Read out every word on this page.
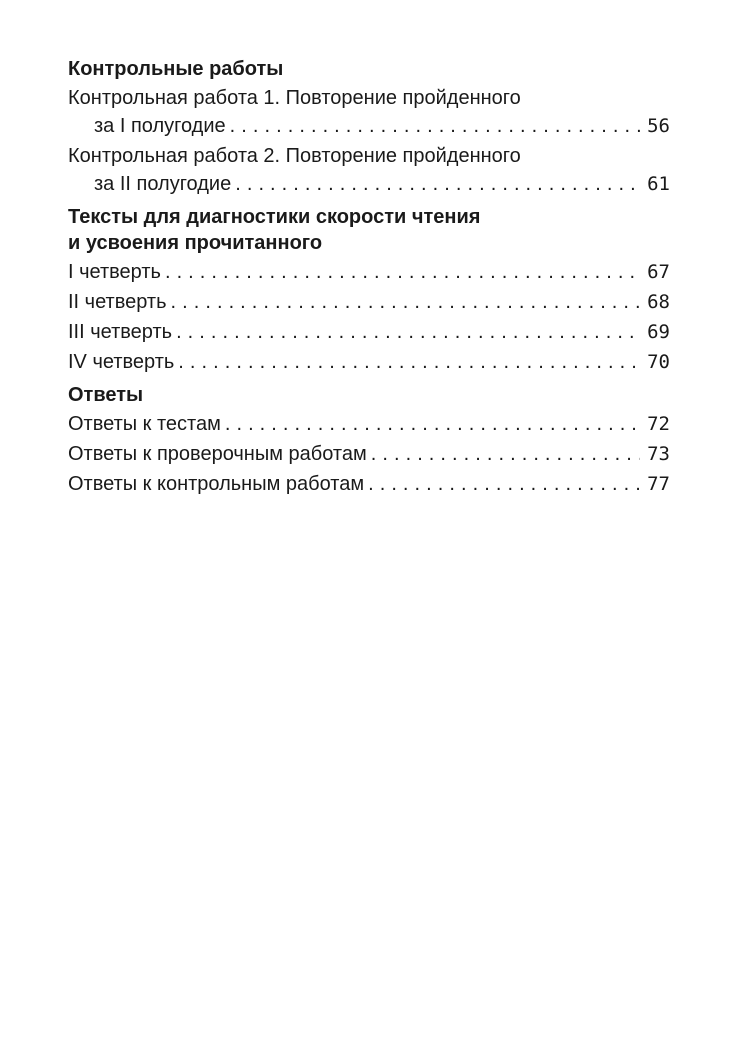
Контрольные работы

Контрольная работа 1. Повторение пройденного
за I полугодие . . .	56
Контрольная работа 2. Повторение пройденного
за II полугодие . . .	61

Тексты для диагностики скорости чтения

и усвоения прочитанного

I четверть . . .	67
II четверть . . .	68
III четверть . . .	69
IV четверть . . .	70

Ответы

Ответы к тестам . . .	72
Ответы к проверочным работам . . .	73
Ответы к контрольным работам . . .	77
